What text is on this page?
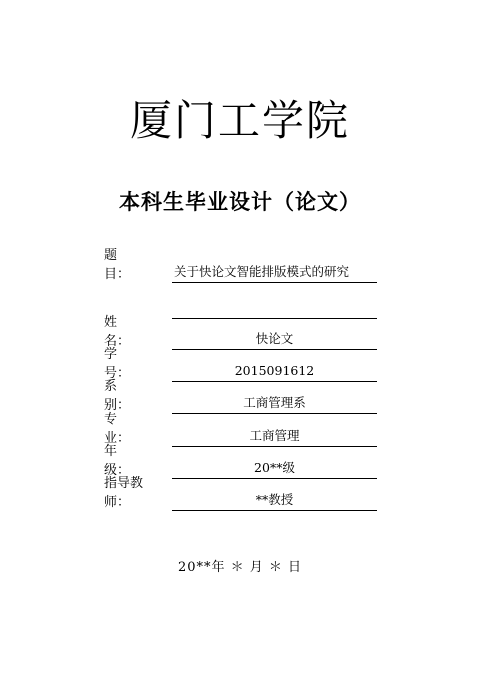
厦门工学院
本科生毕业设计（论文）
题　　目：	关于快论文智能排版模式的研究
姓　　名：	快论文
学　　号：	2015091612
系　　别：	工商管理系
专　　业：	工商管理
年　　级：	20**级
指导教师：	**教授
20**年 ＊ 月 ＊ 日
